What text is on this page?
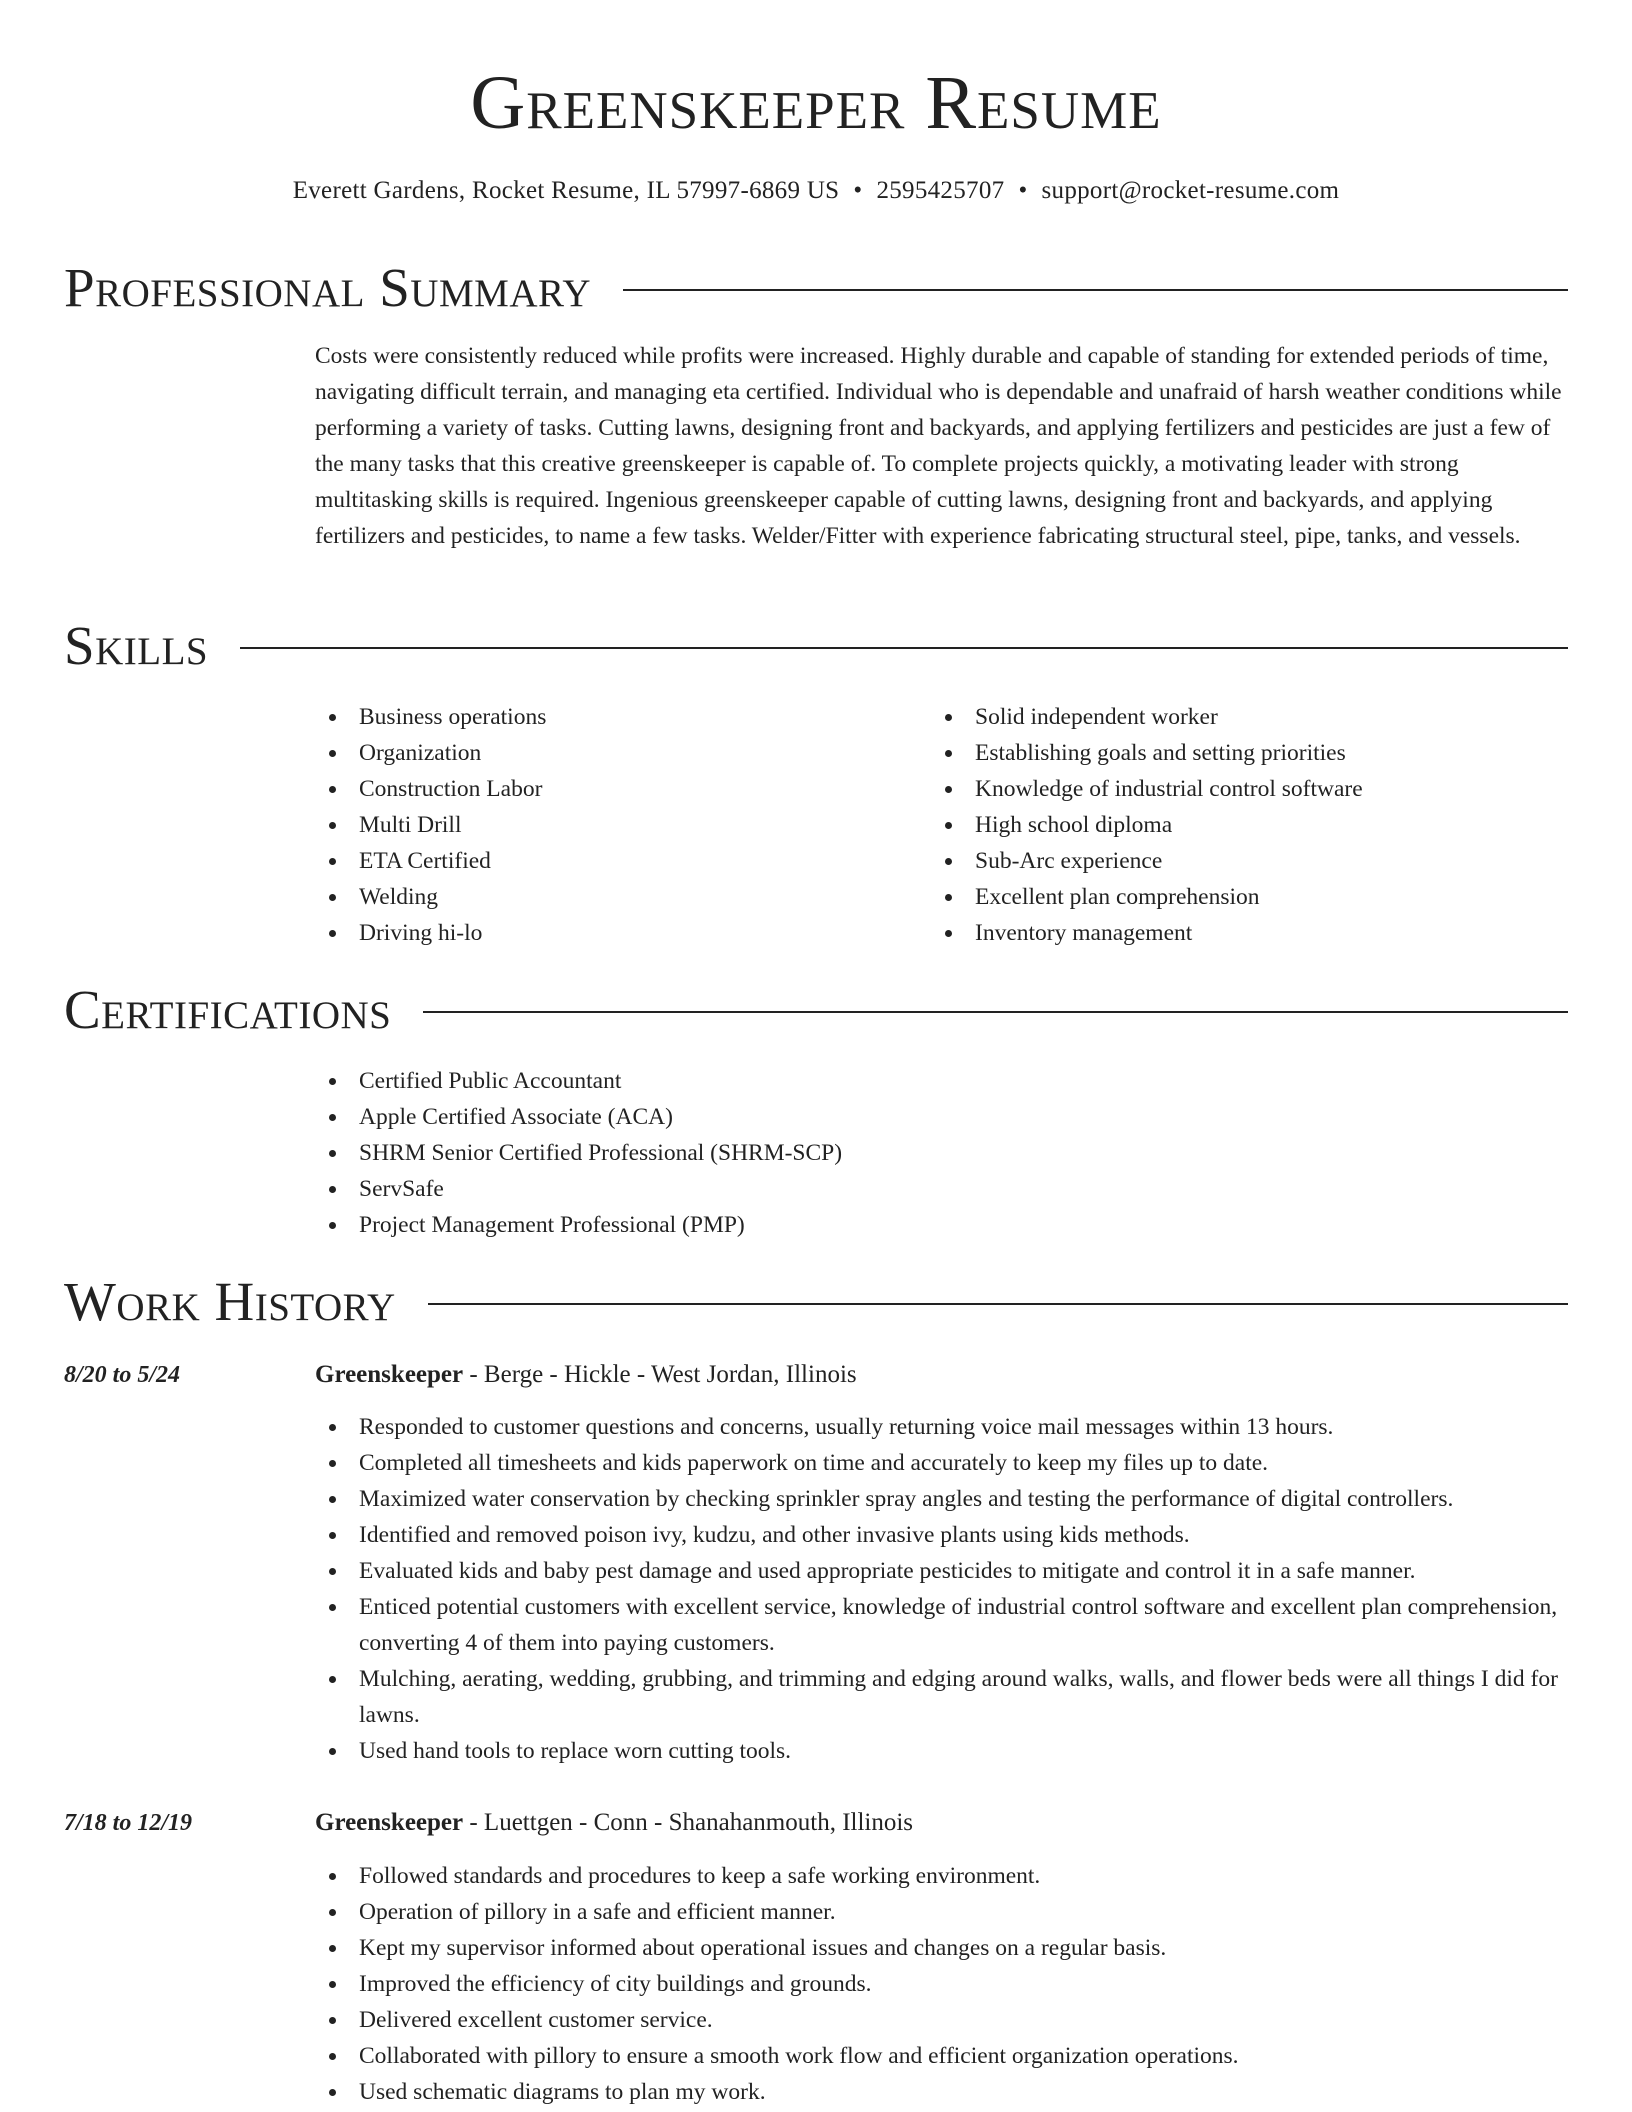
Greenskeeper Resume
Everett Gardens, Rocket Resume, IL 57997-6869 US • 2595425707 • support@rocket-resume.com
Professional Summary

Costs were consistently reduced while profits were increased. Highly durable and capable of standing for extended periods of time, navigating difficult terrain, and managing eta certified. Individual who is dependable and unafraid of harsh weather conditions while performing a variety of tasks. Cutting lawns, designing front and backyards, and applying fertilizers and pesticides are just a few of the many tasks that this creative greenskeeper is capable of. To complete projects quickly, a motivating leader with strong multitasking skills is required. Ingenious greenskeeper capable of cutting lawns, designing front and backyards, and applying fertilizers and pesticides, to name a few tasks. Welder/Fitter with experience fabricating structural steel, pipe, tanks, and vessels.

Skills
Business operations
Organization
Construction Labor
Multi Drill
ETA Certified
Welding
Driving hi-lo
Solid independent worker
Establishing goals and setting priorities
Knowledge of industrial control software
High school diploma
Sub-Arc experience
Excellent plan comprehension
Inventory management
Certifications
Certified Public Accountant
Apple Certified Associate (ACA)
SHRM Senior Certified Professional (SHRM-SCP)
ServSafe
Project Management Professional (PMP)
Work History
8/20 to 5/24	Greenskeeper - Berge - Hickle - West Jordan, Illinois
Responded to customer questions and concerns, usually returning voice mail messages within 13 hours.
Completed all timesheets and kids paperwork on time and accurately to keep my files up to date.
Maximized water conservation by checking sprinkler spray angles and testing the performance of digital controllers.
Identified and removed poison ivy, kudzu, and other invasive plants using kids methods.
Evaluated kids and baby pest damage and used appropriate pesticides to mitigate and control it in a safe manner.
Enticed potential customers with excellent service, knowledge of industrial control software and excellent plan comprehension, converting 4 of them into paying customers.
Mulching, aerating, wedding, grubbing, and trimming and edging around walks, walls, and flower beds were all things I did for lawns.
Used hand tools to replace worn cutting tools.
7/18 to 12/19	Greenskeeper - Luettgen - Conn - Shanahanmouth, Illinois
Followed standards and procedures to keep a safe working environment.
Operation of pillory in a safe and efficient manner.
Kept my supervisor informed about operational issues and changes on a regular basis.
Improved the efficiency of city buildings and grounds.
Delivered excellent customer service.
Collaborated with pillory to ensure a smooth work flow and efficient organization operations.
Used schematic diagrams to plan my work.
